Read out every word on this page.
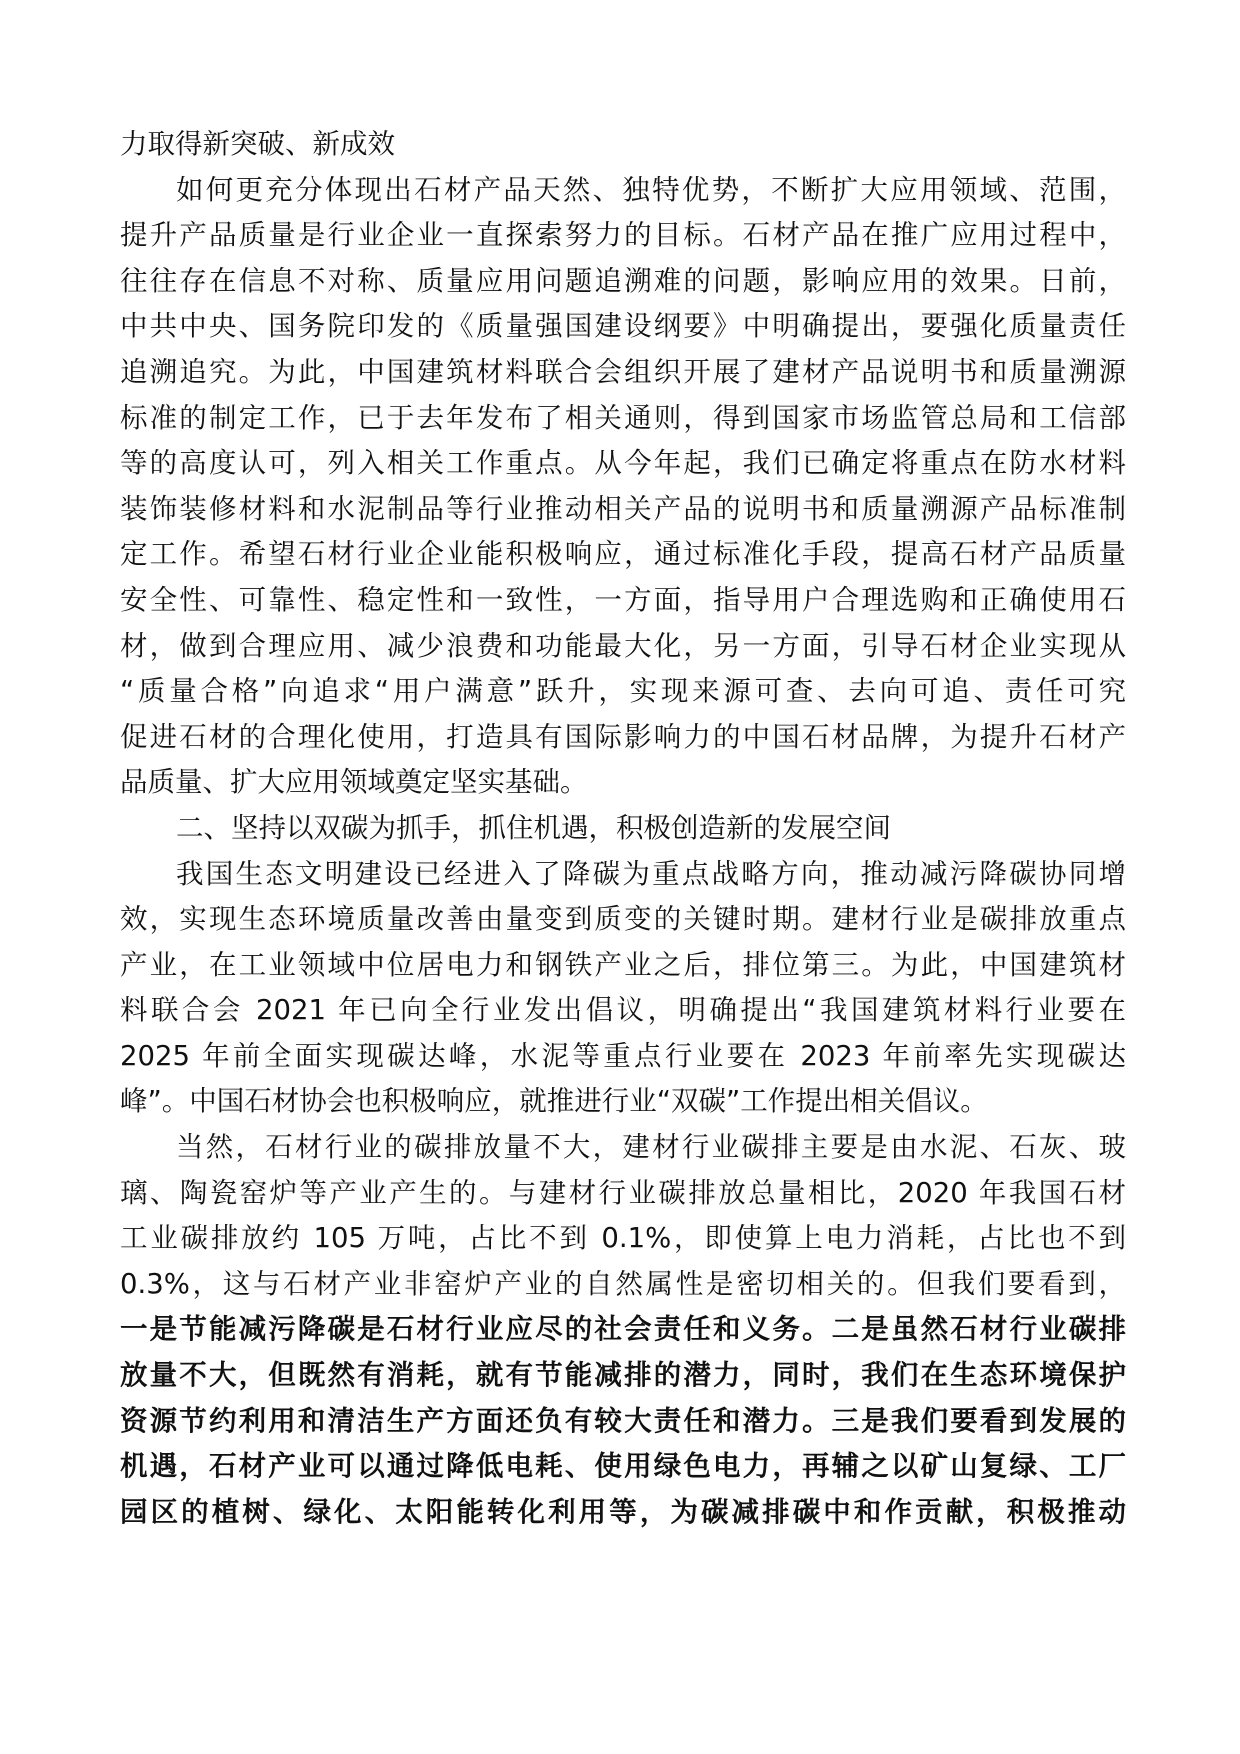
力取得新突破、新成效
如何更充分体现出石材产品天然、独特优势，不断扩大应用领域、范围，
提升产品质量是行业企业一直探索努力的目标。石材产品在推广应用过程中，
往往存在信息不对称、质量应用问题追溯难的问题，影响应用的效果。日前，
中共中央、国务院印发的《质量强国建设纲要》中明确提出，要强化质量责任
追溯追究。为此，中国建筑材料联合会组织开展了建材产品说明书和质量溯源
标准的制定工作，已于去年发布了相关通则，得到国家市场监管总局和工信部
等的高度认可，列入相关工作重点。从今年起，我们已确定将重点在防水材料
装饰装修材料和水泥制品等行业推动相关产品的说明书和质量溯源产品标准制
定工作。希望石材行业企业能积极响应，通过标准化手段，提高石材产品质量
安全性、可靠性、稳定性和一致性，一方面，指导用户合理选购和正确使用石
材，做到合理应用、减少浪费和功能最大化，另一方面，引导石材企业实现从
“质量合格”向追求“用户满意”跃升，实现来源可查、去向可追、责任可究
促进石材的合理化使用，打造具有国际影响力的中国石材品牌，为提升石材产
品质量、扩大应用领域奠定坚实基础。
二、坚持以双碳为抓手，抓住机遇，积极创造新的发展空间
我国生态文明建设已经进入了降碳为重点战略方向，推动减污降碳协同增
效，实现生态环境质量改善由量变到质变的关键时期。建材行业是碳排放重点
产业，在工业领域中位居电力和钢铁产业之后，排位第三。为此，中国建筑材
料联合会 2021 年已向全行业发出倡议，明确提出“我国建筑材料行业要在
2025 年前全面实现碳达峰，水泥等重点行业要在 2023 年前率先实现碳达
峰”。中国石材协会也积极响应，就推进行业“双碳”工作提出相关倡议。
当然，石材行业的碳排放量不大，建材行业碳排主要是由水泥、石灰、玻
璃、陶瓷窑炉等产业产生的。与建材行业碳排放总量相比，2020 年我国石材
工业碳排放约 105 万吨，占比不到 0.1%，即使算上电力消耗，占比也不到
0.3%，这与石材产业非窑炉产业的自然属性是密切相关的。但我们要看到，
一是节能减污降碳是石材行业应尽的社会责任和义务。二是虽然石材行业碳排
放量不大，但既然有消耗，就有节能减排的潜力，同时，我们在生态环境保护
资源节约利用和清洁生产方面还负有较大责任和潜力。三是我们要看到发展的
机遇，石材产业可以通过降低电耗、使用绿色电力，再辅之以矿山复绿、工厂
园区的植树、绿化、太阳能转化利用等，为碳减排碳中和作贡献，积极推动
